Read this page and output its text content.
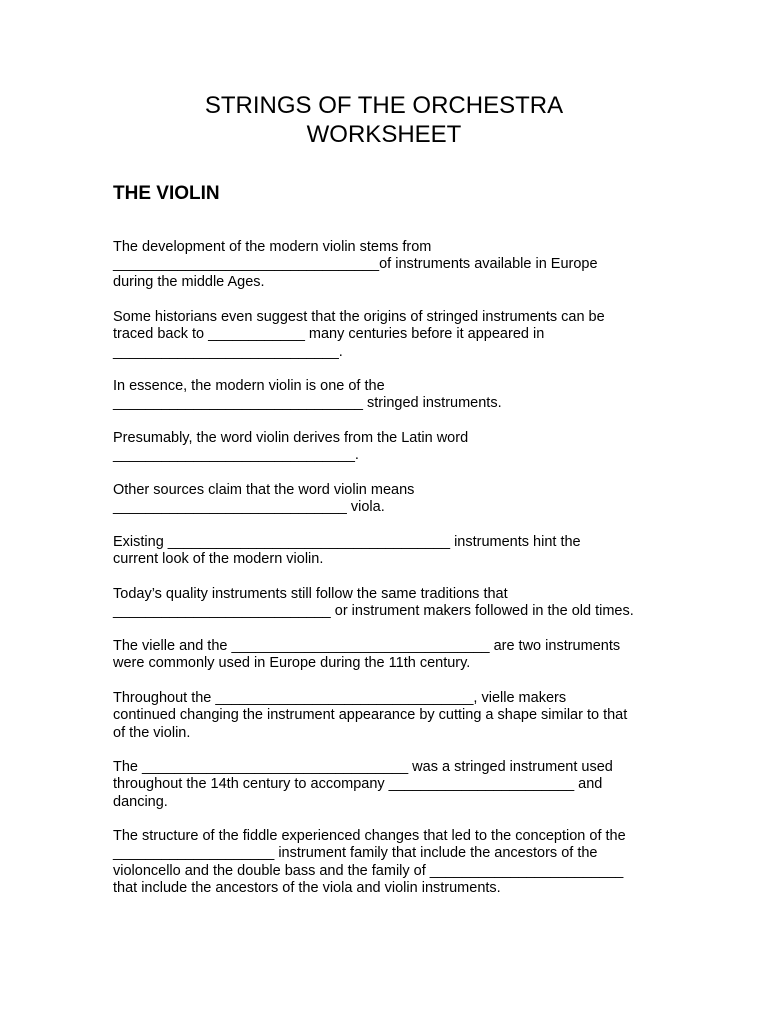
STRINGS OF THE ORCHESTRA
WORKSHEET
THE VIOLIN

The development of the modern violin stems from
_________________________________of instruments available in Europe
during the middle Ages.

Some historians even suggest that the origins of stringed instruments can be
traced back to ____________ many centuries before it appeared in
____________________________.

In essence, the modern violin is one of the
_______________________________ stringed instruments.

Presumably, the word violin derives from the Latin word
______________________________.

Other sources claim that the word violin means
_____________________________ viola.

Existing ___________________________________ instruments hint the
current look of the modern violin.

Today’s quality instruments still follow the same traditions that
___________________________ or instrument makers followed in the old times.

The vielle and the ________________________________ are two instruments
were commonly used in Europe during the 11th century.

Throughout the ________________________________, vielle makers
continued changing the instrument appearance by cutting a shape similar to that
of the violin.

The _________________________________ was a stringed instrument used
throughout the 14th century to accompany _______________________ and
dancing.

The structure of the fiddle experienced changes that led to the conception of the
____________________ instrument family that include the ancestors of the
violoncello and the double bass and the family of ________________________
that include the ancestors of the viola and violin instruments.
